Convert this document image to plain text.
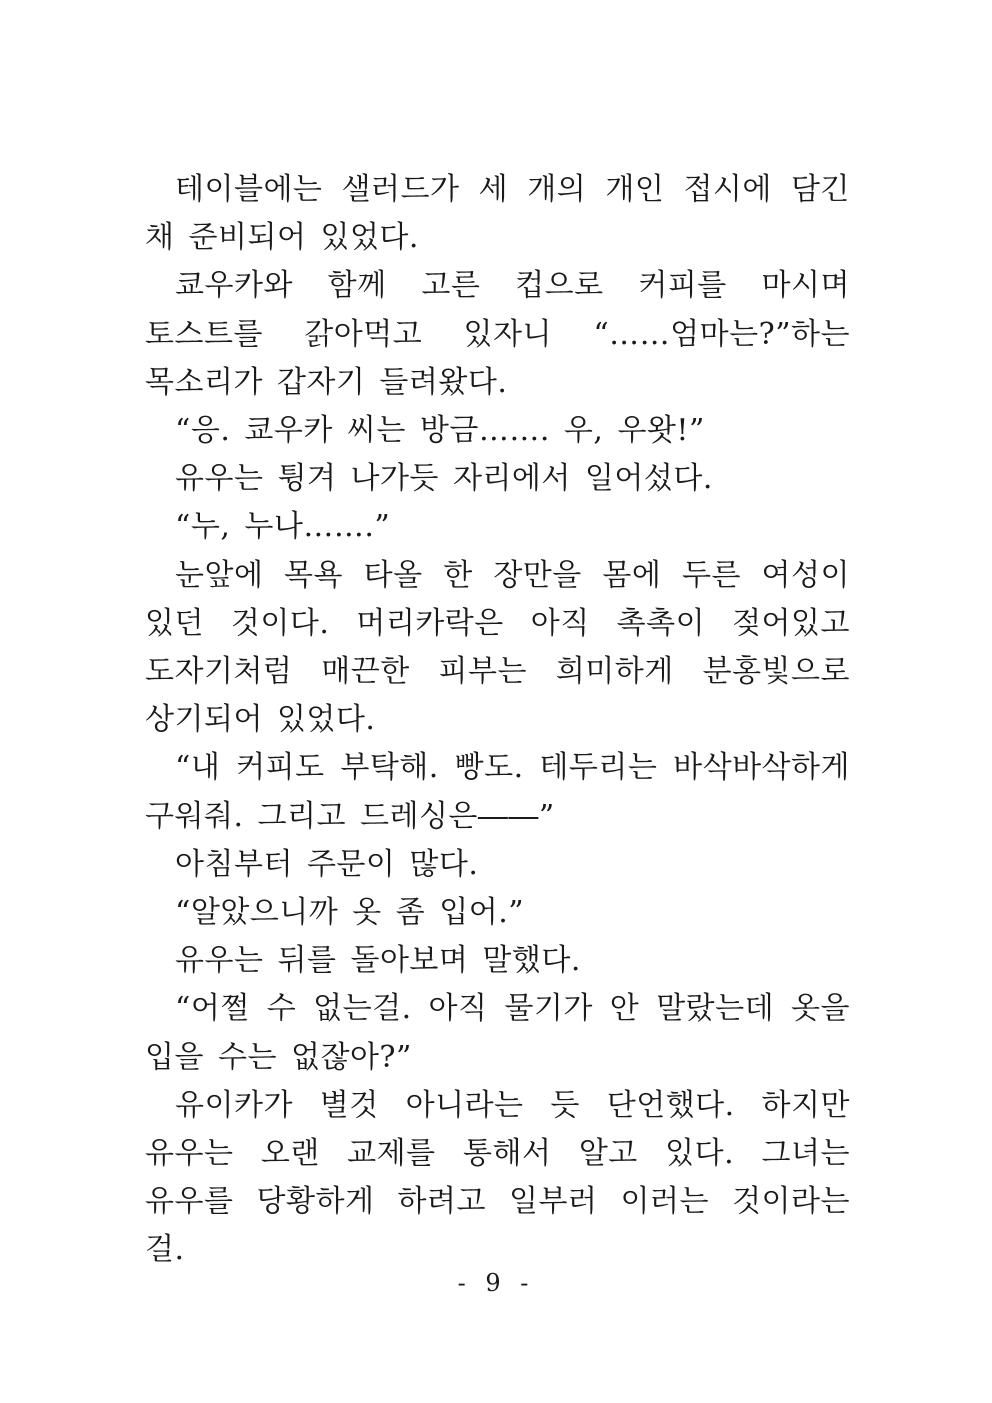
테이블에는 샐러드가 세 개의 개인 접시에 담긴 채 준비되어 있었다.

쿄우카와 함께 고른 컵으로 커피를 마시며 토스트를 갉아먹고 있자니 “……엄마는?”하는 목소리가 갑자기 들려왔다.

“응. 쿄우카 씨는 방금……. 우, 우왓!”

유우는 튕겨 나가듯 자리에서 일어섰다.

“누, 누나…….”

눈앞에 목욕 타올 한 장만을 몸에 두른 여성이 있던 것이다. 머리카락은 아직 촉촉이 젖어있고 도자기처럼 매끈한 피부는 희미하게 분홍빛으로 상기되어 있었다.

“내 커피도 부탁해. 빵도. 테두리는 바삭바삭하게 구워줘. 그리고 드레싱은――”

아침부터 주문이 많다.

“알았으니까 옷 좀 입어.”

유우는 뒤를 돌아보며 말했다.

“어쩔 수 없는걸. 아직 물기가 안 말랐는데 옷을 입을 수는 없잖아?”

유이카가 별것 아니라는 듯 단언했다. 하지만 유우는 오랜 교제를 통해서 알고 있다. 그녀는 유우를 당황하게 하려고 일부러 이러는 것이라는 걸.

- 9 -
